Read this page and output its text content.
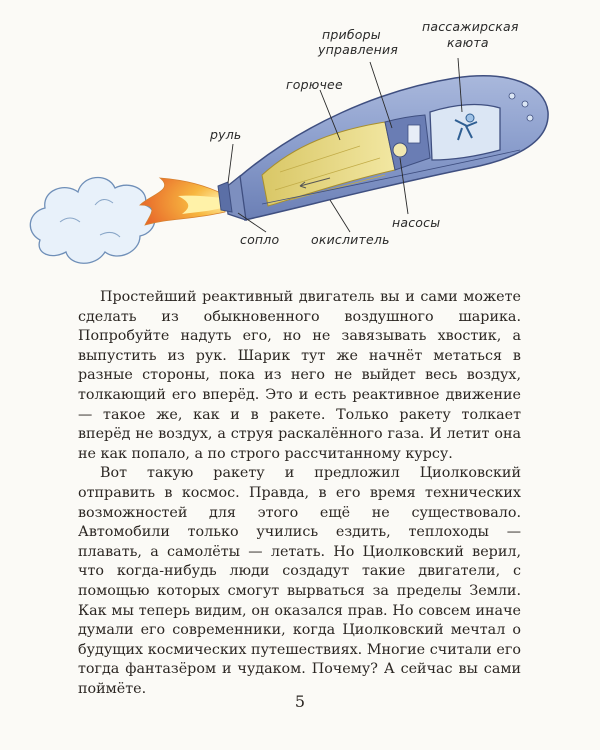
руль
горючее
приборы
управления
пассажирская
каюта
сопло	окислитель
насосы

Простейший реактивный двигатель вы и сами можете сделать из обыкновенного воздушного шарика. Попробуйте надуть его, но не завязывать хвостик, а выпустить из рук. Шарик тут же начнёт метаться в разные стороны, пока из него не выйдет весь воздух, толкающий его вперёд. Это и есть реактивное движение — такое же, как и в ракете. Только ракету толкает вперёд не воздух, а струя раскалённого газа. И летит она не как попало, а по строго рассчитанному курсу.

Вот такую ракету и предложил Циолковский отправить в космос. Правда, в его время технических возможностей для этого ещё не существовало. Автомобили только учились ездить, теплоходы — плавать, а самолёты — летать. Но Циолковский верил, что когда-нибудь люди создадут такие двигатели, с помощью которых смогут вырваться за пределы Земли. Как мы теперь видим, он оказался прав. Но совсем иначе думали его современники, когда Циолковский мечтал о будущих космических путешествиях. Многие считали его тогда фантазёром и чудаком. Почему? А сейчас вы сами поймёте.

5
